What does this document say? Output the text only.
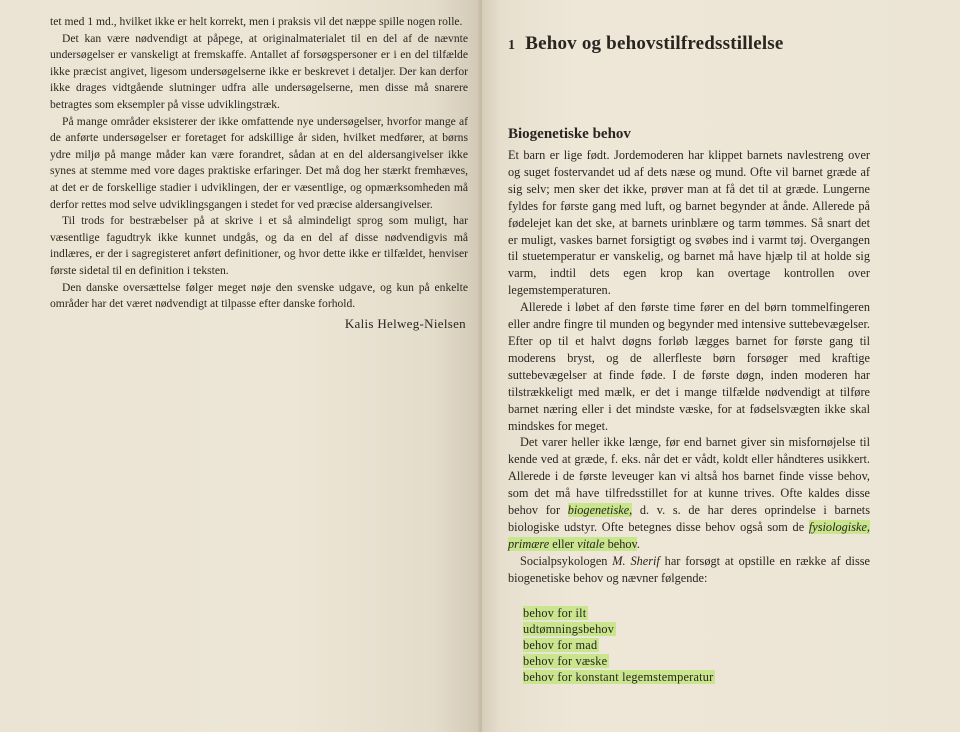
tet med 1 md., hvilket ikke er helt korrekt, men i praksis vil det næppe spille nogen rolle.

Det kan være nødvendigt at påpege, at originalmaterialet til en del af de nævnte undersøgelser er vanskeligt at fremskaffe. Antallet af forsøgspersoner er i en del tilfælde ikke præcist angivet, ligesom undersøgelserne ikke er beskrevet i detaljer. Der kan derfor ikke drages vidtgående slutninger udfra alle undersøgelserne, men disse må snarere betragtes som eksempler på visse udviklingstræk.

På mange områder eksisterer der ikke omfattende nye undersøgelser, hvorfor mange af de anførte undersøgelser er foretaget for adskillige år siden, hvilket medfører, at børns ydre miljø på mange måder kan være forandret, sådan at en del aldersangivelser ikke synes at stemme med vore dages praktiske erfaringer. Det må dog her stærkt fremhæves, at det er de forskellige stadier i udviklingen, der er væsentlige, og opmærksomheden må derfor rettes mod selve udviklingsgangen i stedet for ved præcise aldersangivelser.

Til trods for bestræbelser på at skrive i et så almindeligt sprog som muligt, har væsentlige fagudtryk ikke kunnet undgås, og da en del af disse nødvendigvis må indlæres, er der i sagregisteret anført definitioner, og hvor dette ikke er tilfældet, henviser første sidetal til en definition i teksten.

Den danske oversættelse følger meget nøje den svenske udgave, og kun på enkelte områder har det været nødvendigt at tilpasse efter danske forhold.

Kalis Helweg-Nielsen
1 Behov og behovstilfredsstillelse
Biogenetiske behov

Et barn er lige født. Jordemoderen har klippet barnets navlestreng over og suget fostervandet ud af dets næse og mund. Ofte vil barnet græde af sig selv; men sker det ikke, prøver man at få det til at græde. Lungerne fyldes for første gang med luft, og barnet begynder at ånde. Allerede på fødelejet kan det ske, at barnets urinblære og tarm tømmes. Så snart det er muligt, vaskes barnet forsigtigt og svøbes ind i varmt tøj. Overgangen til stuetemperatur er vanskelig, og barnet må have hjælp til at holde sig varm, indtil dets egen krop kan overtage kontrollen over legemstemperaturen.

Allerede i løbet af den første time fører en del børn tommelfingeren eller andre fingre til munden og begynder med intensive suttebevægelser. Efter op til et halvt døgns forløb lægges barnet for første gang til moderens bryst, og de allerfleste børn forsøger med kraftige suttebevægelser at finde føde. I de første døgn, inden moderen har tilstrækkeligt med mælk, er det i mange tilfælde nødvendigt at tilføre barnet næring eller i det mindste væske, for at fødselsvægten ikke skal mindskes for meget.

Det varer heller ikke længe, før end barnet giver sin misfornøjelse til kende ved at græde, f. eks. når det er vådt, koldt eller håndteres usikkert. Allerede i de første leveuger kan vi altså hos barnet finde visse behov, som det må have tilfredsstillet for at kunne trives. Ofte kaldes disse behov for biogenetiske, d. v. s. de har deres oprindelse i barnets biologiske udstyr. Ofte betegnes disse behov også som de fysiologiske, primære eller vitale behov.

Socialpsykologen M. Sherif har forsøgt at opstille en række af disse biogenetiske behov og nævner følgende:

behov for ilt
udtømningsbehov
behov for mad
behov for væske
behov for konstant legemstemperatur
